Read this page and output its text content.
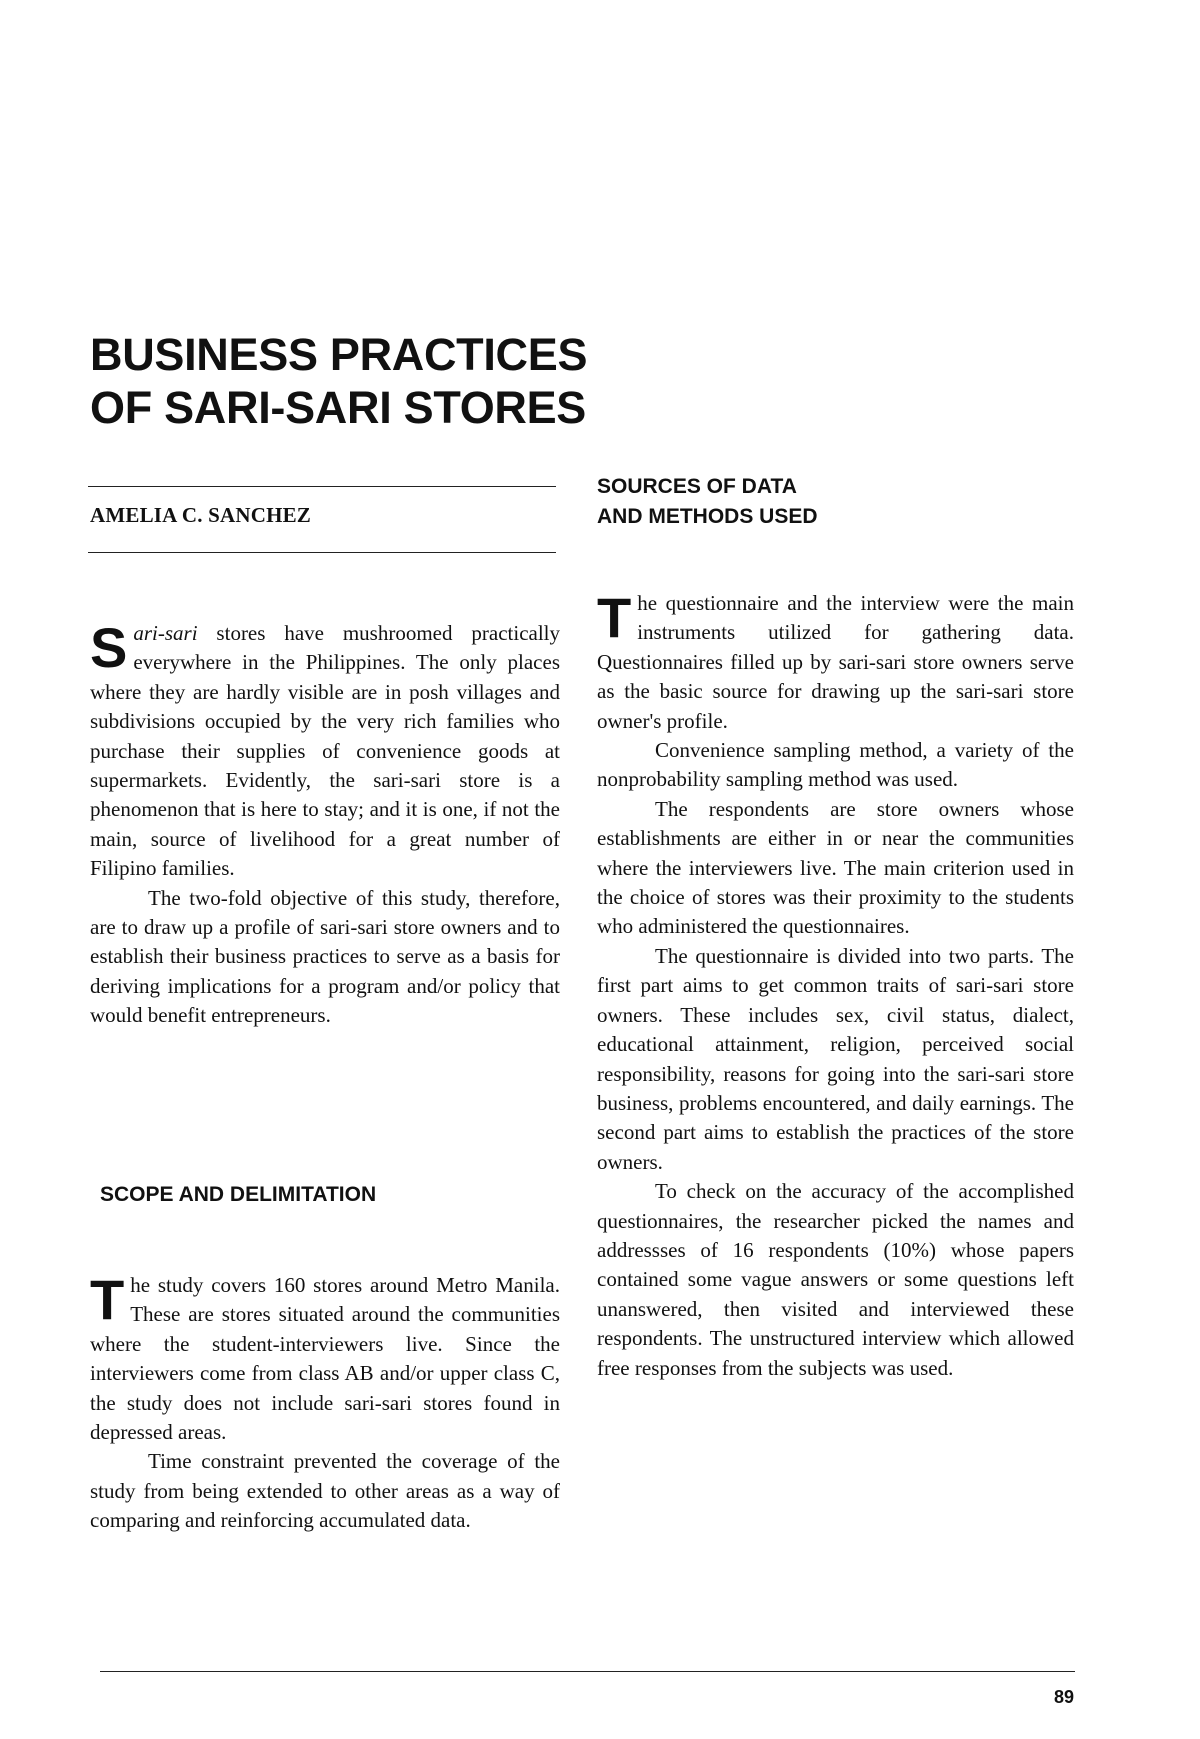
BUSINESS PRACTICES
OF SARI-SARI STORES
AMELIA C. SANCHEZ

Sari-sari stores have mushroomed practically everywhere in the Philippines. The only places where they are hardly visible are in posh villages and subdivisions occupied by the very rich families who purchase their supplies of convenience goods at supermarkets. Evidently, the sari-sari store is a phenomenon that is here to stay; and it is one, if not the main, source of livelihood for a great number of Filipino families.

The two-fold objective of this study, therefore, are to draw up a profile of sari-sari store owners and to establish their business practices to serve as a basis for deriving implications for a program and/or policy that would benefit entrepreneurs.

SCOPE AND DELIMITATION

The study covers 160 stores around Metro Manila. These are stores situated around the communities where the student-interviewers live. Since the interviewers come from class AB and/or upper class C, the study does not include sari-sari stores found in depressed areas.

Time constraint prevented the coverage of the study from being extended to other areas as a way of comparing and reinforcing accumulated data.

SOURCES OF DATA
AND METHODS USED

The questionnaire and the interview were the main instruments utilized for gathering data. Questionnaires filled up by sari-sari store owners serve as the basic source for drawing up the sari-sari store owner's profile.

Convenience sampling method, a variety of the nonprobability sampling method was used.

The respondents are store owners whose establishments are either in or near the communities where the interviewers live. The main criterion used in the choice of stores was their proximity to the students who administered the questionnaires.

The questionnaire is divided into two parts. The first part aims to get common traits of sari-sari store owners. These includes sex, civil status, dialect, educational attainment, religion, perceived social responsibility, reasons for going into the sari-sari store business, problems encountered, and daily earnings. The second part aims to establish the practices of the store owners.

To check on the accuracy of the accomplished questionnaires, the researcher picked the names and addressses of 16 respondents (10%) whose papers contained some vague answers or some questions left unanswered, then visited and interviewed these respondents. The unstructured interview which allowed free responses from the subjects was used.

89
